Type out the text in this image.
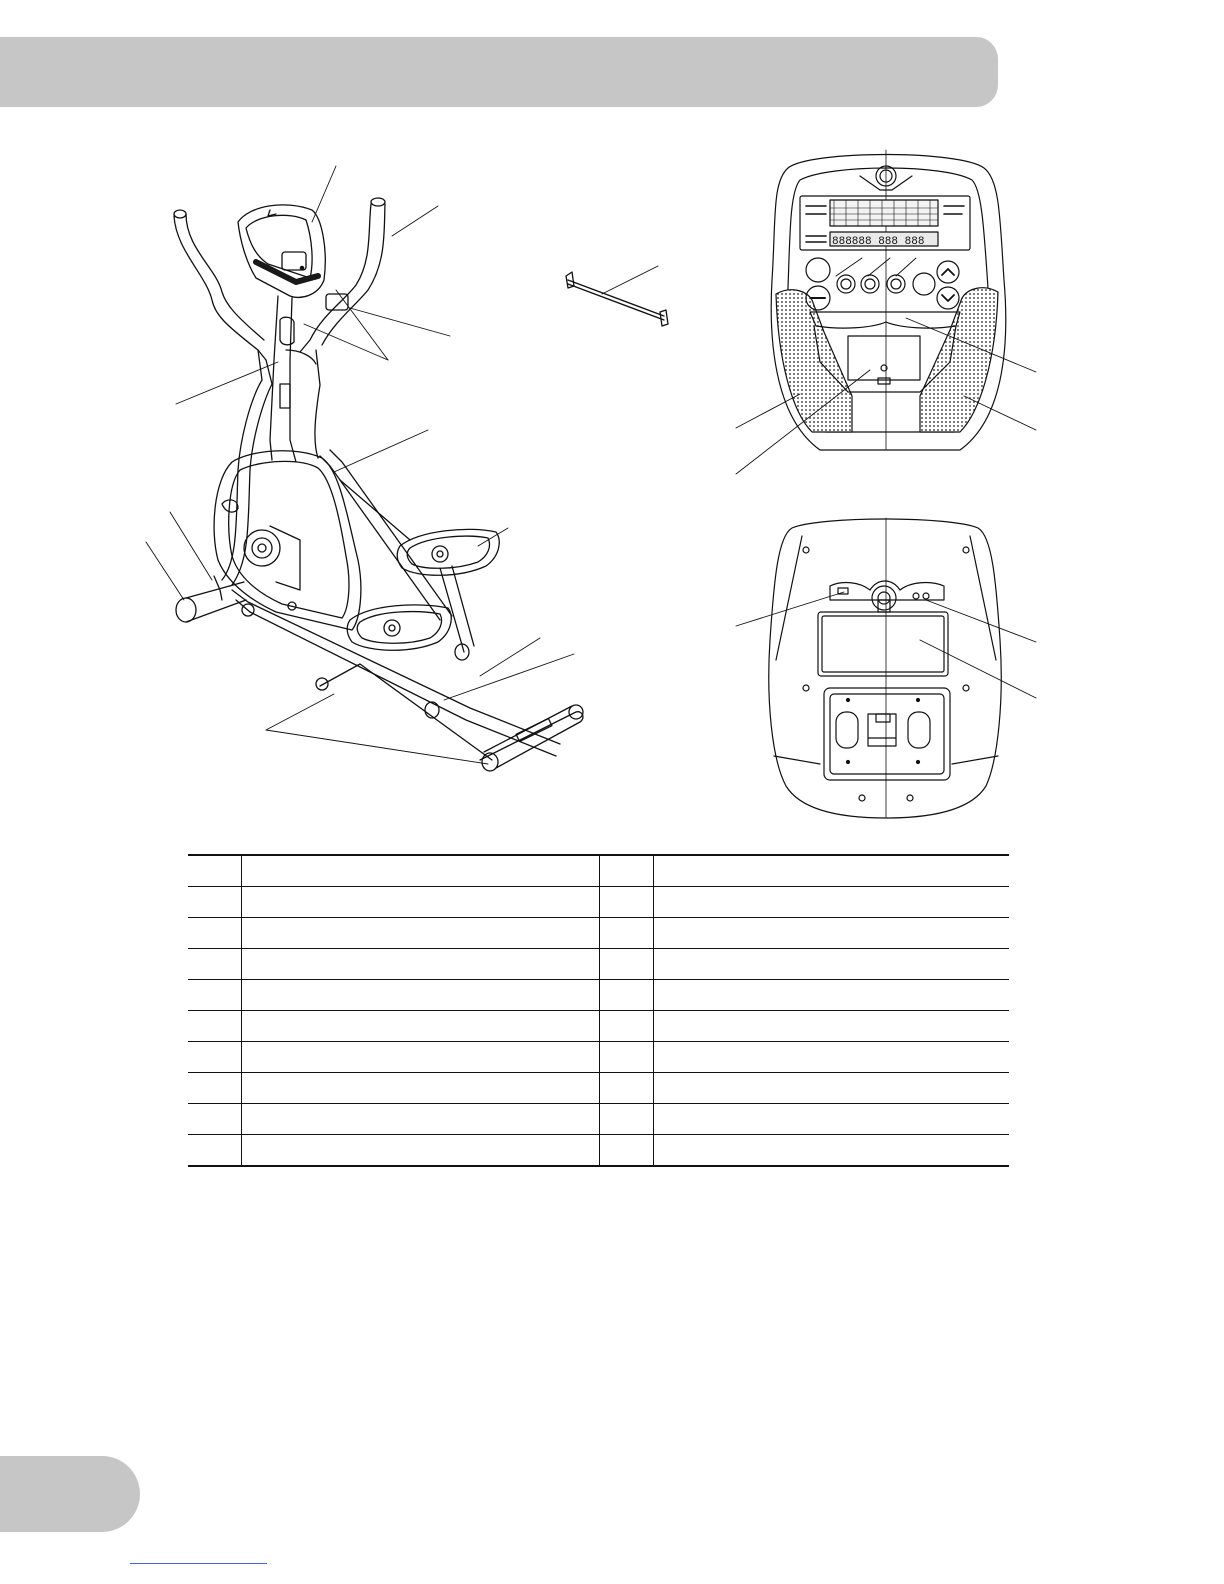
888888 888 888
